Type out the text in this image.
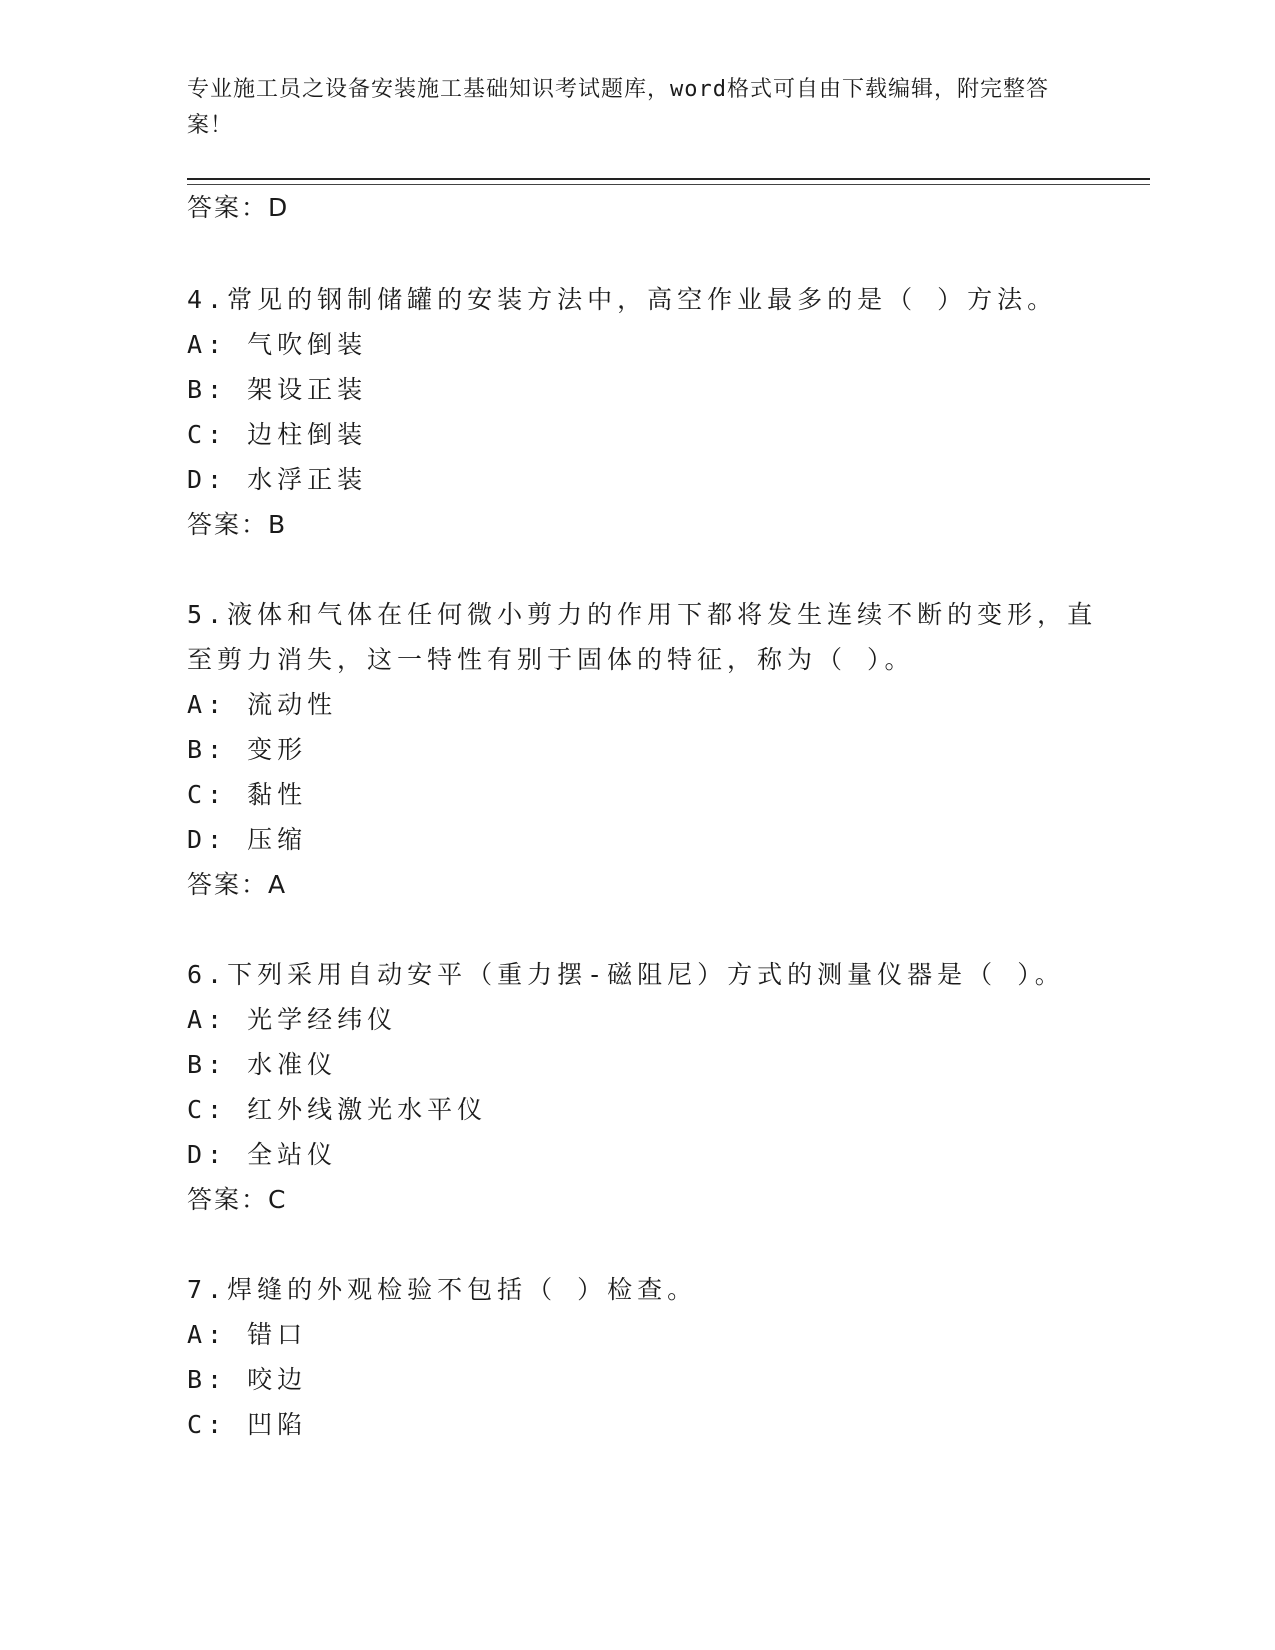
专业施工员之设备安装施工基础知识考试题库，word格式可自由下载编辑，附完整答案！

答案：D

4.常见的钢制储罐的安装方法中，高空作业最多的是（ ）方法。

A: 气吹倒装

B: 架设正装

C: 边柱倒装

D: 水浮正装

答案：B

5.液体和气体在任何微小剪力的作用下都将发生连续不断的变形，直

至剪力消失，这一特性有别于固体的特征，称为（ ）。

A: 流动性

B: 变形

C: 黏性

D: 压缩

答案：A

6.下列采用自动安平（重力摆-磁阻尼）方式的测量仪器是（ ）。

A: 光学经纬仪

B: 水准仪

C: 红外线激光水平仪

D: 全站仪

答案：C

7.焊缝的外观检验不包括（ ）检查。

A: 错口

B: 咬边

C: 凹陷
